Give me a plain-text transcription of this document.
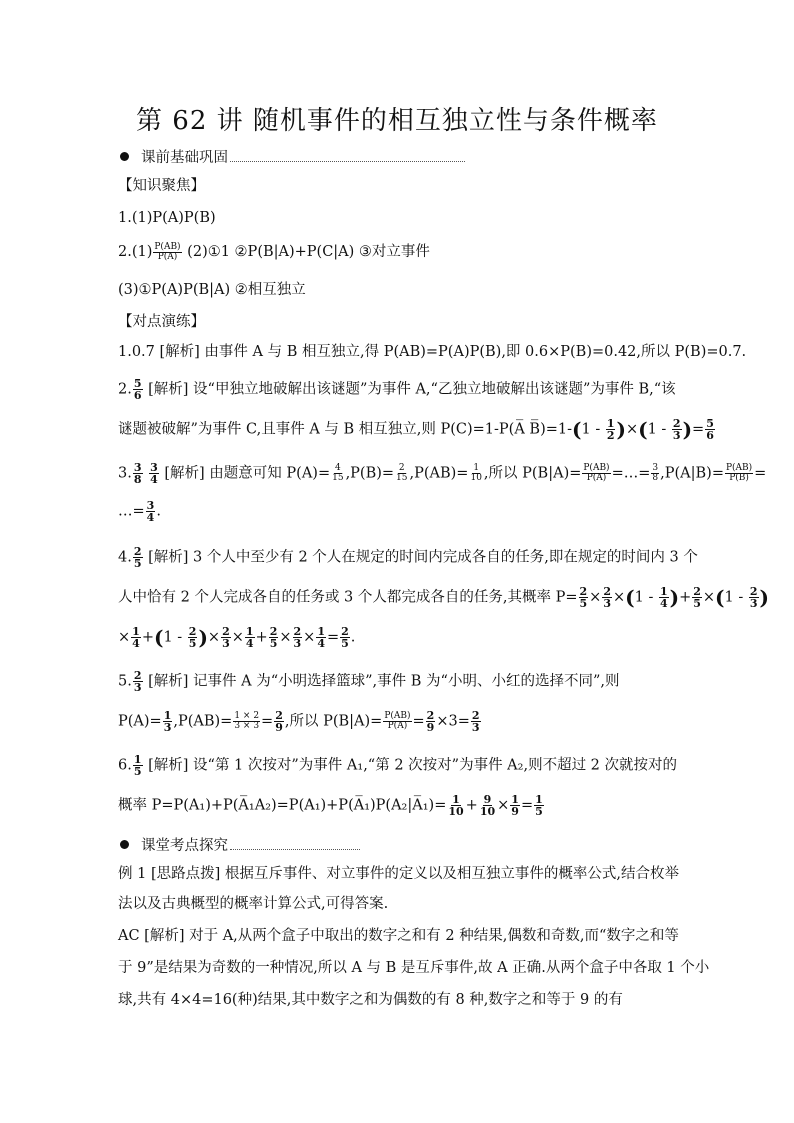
第 62 讲 随机事件的相互独立性与条件概率
课前基础巩固
【知识聚焦】
1.(1)P(A)P(B)
$2.(1) \frac{P(AB)}{P(A)}$ (2)①1 ②P(B|A)+P(C|A) ③对立事件
(3)①P(A)P(B|A) ②相互独立
【对点演练】
1.0.7 [解析] 由事件 A 与 B 相互独立,得 P(AB)=P(A)P(B),即 0.6×P(B)=0.42,所以 P(B)=0.7.
2. $\frac{5}{6}$ [解析] 设“甲独立地破解出该谜题”为事件 A,“乙独立地破解出该谜题”为事件 B,“该
谜题被破解”为事件 C,且事件 A 与 B 相互独立,则 P(C)=1-P(A̅ B̅)=1-(1 - $\frac{1}{2} )\times(1 - \frac{2}{3}$ )= $\frac{5}{6}$
3. $\frac{3}{8}$
$\frac{3}{4}$ [解析] 由题意可知 $P(A)= \frac{4}{15} ,P(B)= \frac{2}{15} ,P(AB)= \frac{1}{10}$ ,所以 $P(B|A)= \frac{P(AB)}{P(A)}$ =…= $\frac{3}{8} ,P(A|B)= \frac{P(AB)}{P(B)}$ =
…= $\frac{3}{4}$ .
4. $\frac{2}{5}$ [解析] 3 个人中至少有 2 个人在规定的时间内完成各自的任务,即在规定的时间内 3 个
人中恰有 2 个人完成各自的任务或 3 个人都完成各自的任务,其概率 $P= \frac{2}{5} \times \frac{2}{3} \times(1 - \frac{1}{4}$ )+ $\frac{2}{5} \times(1 - \frac{2}{3}$ )
× $\frac{1}{4} +(1 - \frac{2}{5}$ )× $\frac{2}{3} \times \frac{1}{4} + \frac{2}{5} \times \frac{2}{3} \times \frac{1}{4} = \frac{2}{5}$ .
5. $\frac{2}{3}$ [解析] 记事件 A 为“小明选择篮球”,事件 B 为“小明、小红的选择不同”,则
$P(A)= \frac{1}{3} ,P(AB)= \frac{1 \times 2}{3 \times 3} = \frac{2}{9}$ ,所以 $P(B|A)= \frac{P(AB)}{P(A)} = \frac{2}{9} \times 3= \frac{2}{3}$
6. $\frac{1}{5}$ [解析] 设“第 1 次按对”为事件 A₁,“第 2 次按对”为事件 A₂,则不超过 2 次就按对的
概率 P=P(A₁)+P(A̅₁A₂)=P(A₁)+P(A̅₁)P(A₂|A̅₁)= $\frac{1}{10} + \frac{9}{10} \times \frac{1}{9} = \frac{1}{5}$
课堂考点探究
例 1 [思路点拨] 根据互斥事件、对立事件的定义以及相互独立事件的概率公式,结合枚举
法以及古典概型的概率计算公式,可得答案.
AC [解析] 对于 A,从两个盒子中取出的数字之和有 2 种结果,偶数和奇数,而“数字之和等
于 9”是结果为奇数的一种情况,所以 A 与 B 是互斥事件,故 A 正确.从两个盒子中各取 1 个小
球,共有 4×4=16(种)结果,其中数字之和为偶数的有 8 种,数字之和等于 9 的有
